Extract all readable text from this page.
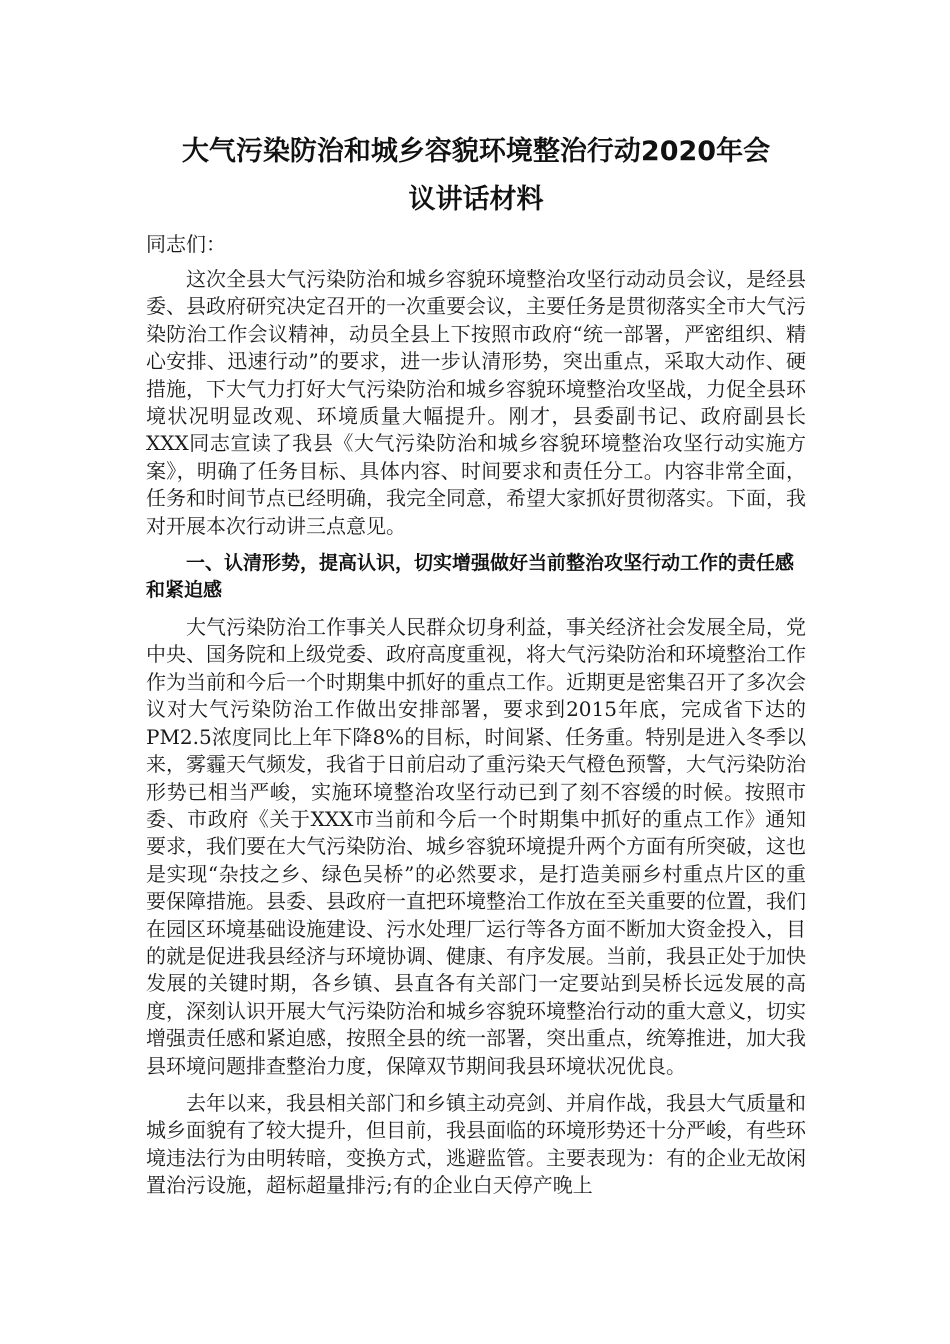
大气污染防治和城乡容貌环境整治行动2020年会
议讲话材料

同志们：

这次全县大气污染防治和城乡容貌环境整治攻坚行动动员会议，是经县委、县政府研究决定召开的一次重要会议，主要任务是贯彻落实全市大气污染防治工作会议精神，动员全县上下按照市政府“统一部署，严密组织、精心安排、迅速行动”的要求，进一步认清形势，突出重点，采取大动作、硬措施，下大气力打好大气污染防治和城乡容貌环境整治攻坚战，力促全县环境状况明显改观、环境质量大幅提升。刚才，县委副书记、政府副县长XXX同志宣读了我县《大气污染防治和城乡容貌环境整治攻坚行动实施方案》，明确了任务目标、具体内容、时间要求和责任分工。内容非常全面，任务和时间节点已经明确，我完全同意，希望大家抓好贯彻落实。下面，我对开展本次行动讲三点意见。

一、认清形势，提高认识，切实增强做好当前整治攻坚行动工作的责任感和紧迫感

大气污染防治工作事关人民群众切身利益，事关经济社会发展全局，党中央、国务院和上级党委、政府高度重视，将大气污染防治和环境整治工作作为当前和今后一个时期集中抓好的重点工作。近期更是密集召开了多次会议对大气污染防治工作做出安排部署，要求到2015年底，完成省下达的PM2.5浓度同比上年下降8%的目标，时间紧、任务重。特别是进入冬季以来，雾霾天气频发，我省于日前启动了重污染天气橙色预警，大气污染防治形势已相当严峻，实施环境整治攻坚行动已到了刻不容缓的时候。按照市委、市政府《关于XXX市当前和今后一个时期集中抓好的重点工作》通知要求，我们要在大气污染防治、城乡容貌环境提升两个方面有所突破，这也是实现“杂技之乡、绿色吴桥”的必然要求，是打造美丽乡村重点片区的重要保障措施。县委、县政府一直把环境整治工作放在至关重要的位置，我们在园区环境基础设施建设、污水处理厂运行等各方面不断加大资金投入，目的就是促进我县经济与环境协调、健康、有序发展。当前，我县正处于加快发展的关键时期，各乡镇、县直各有关部门一定要站到吴桥长远发展的高度，深刻认识开展大气污染防治和城乡容貌环境整治行动的重大意义，切实增强责任感和紧迫感，按照全县的统一部署，突出重点，统筹推进，加大我县环境问题排查整治力度，保障双节期间我县环境状况优良。

去年以来，我县相关部门和乡镇主动亮剑、并肩作战，我县大气质量和城乡面貌有了较大提升，但目前，我县面临的环境形势还十分严峻，有些环境违法行为由明转暗，变换方式，逃避监管。主要表现为：有的企业无故闲置治污设施，超标超量排污;有的企业白天停产晚上
